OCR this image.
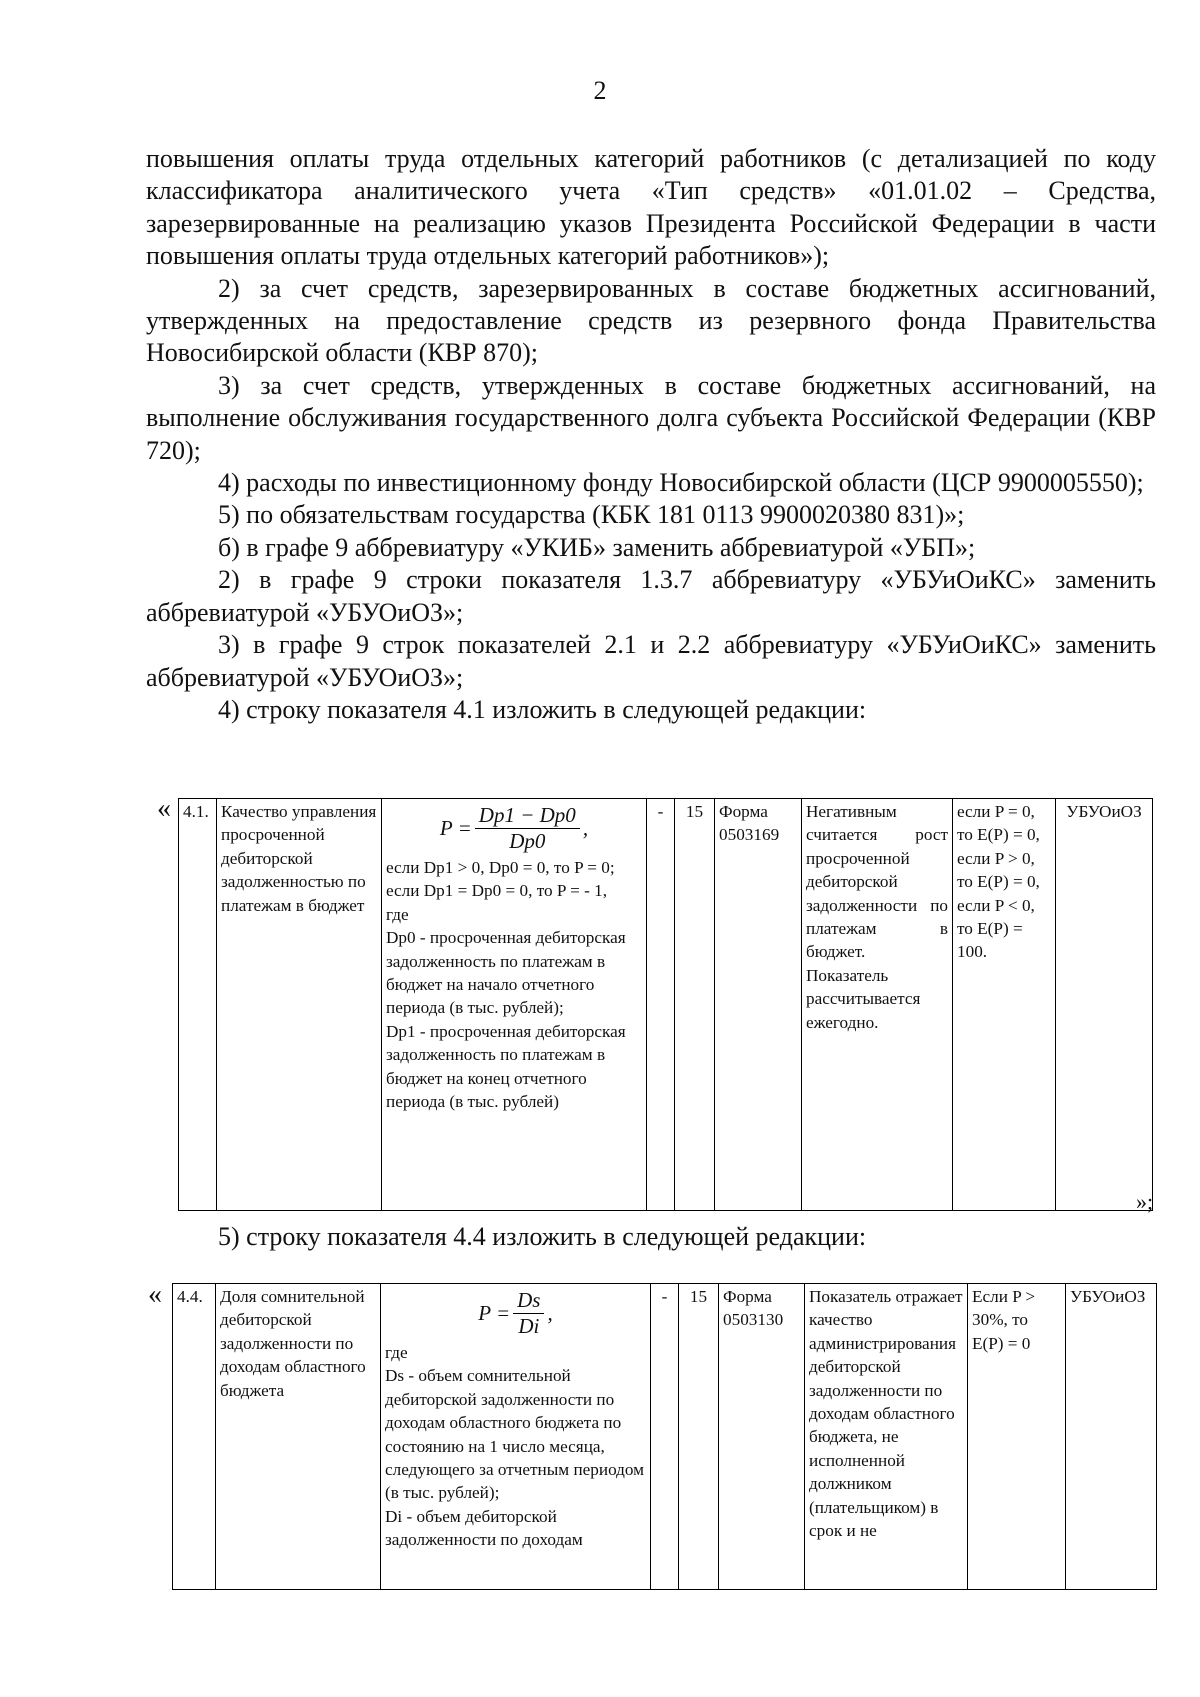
2

повышения оплаты труда отдельных категорий работников (с детализацией по коду классификатора аналитического учета «Тип средств» «01.01.02 – Средства, зарезервированные на реализацию указов Президента Российской Федерации в части повышения оплаты труда отдельных категорий работников»);

2) за счет средств, зарезервированных в составе бюджетных ассигнований, утвержденных на предоставление средств из резервного фонда Правительства Новосибирской области (КВР 870);

3) за счет средств, утвержденных в составе бюджетных ассигнований, на выполнение обслуживания государственного долга субъекта Российской Федерации (КВР 720);

4) расходы по инвестиционному фонду Новосибирской области (ЦСР 9900005550);

5) по обязательствам государства (КБК 181 0113 9900020380 831)»;

б) в графе 9 аббревиатуру «УКИБ» заменить аббревиатурой «УБП»;

2) в графе 9 строки показателя 1.3.7 аббревиатуру «УБУиОиКС» заменить аббревиатурой «УБУОиОЗ»;

3) в графе 9 строк показателей 2.1 и 2.2 аббревиатуру «УБУиОиКС» заменить аббревиатурой «УБУОиОЗ»;

4) строку показателя 4.1 изложить в следующей редакции:

« 4.1.	Качество управления просроченной дебиторской задолженностью по платежам в бюджет	
$P = \frac{Dp1 - Dp0}{Dp0}$ ,
если Dp1 > 0, Dp0 = 0, то P = 0;
если Dp1 = Dp0 = 0, то P = - 1,
где
Dp0 - просроченная дебиторская задолженность по платежам в бюджет на начало отчетного периода (в тыс. рублей);
Dp1 - просроченная дебиторская задолженность по платежам в бюджет на конец отчетного периода (в тыс. рублей)
	-	15	Форма 0503169	Негативным считается рост просроченной дебиторской задолженности по платежам в бюджет. Показатель рассчитывается ежегодно.	если P = 0, то E(P) = 0,
если P > 0, то E(P) = 0, если P < 0, то E(P) = 100.	УБУОиОЗ
»;

5) строку показателя 4.4 изложить в следующей редакции:

« 4.4.	Доля сомнительной дебиторской задолженности по доходам областного бюджета	
$P = \frac{Ds}{Di}$ ,
где
Ds - объем сомнительной дебиторской задолженности по доходам областного бюджета по состоянию на 1 число месяца, следующего за отчетным периодом (в тыс. рублей);
Di - объем дебиторской задолженности по доходам
	-	15	Форма 0503130	Показатель отражает качество администрирования дебиторской задолженности по доходам областного бюджета, не исполненной должником (плательщиком) в срок и не	Если P > 30%, то E(P) = 0	УБУОиОЗ
